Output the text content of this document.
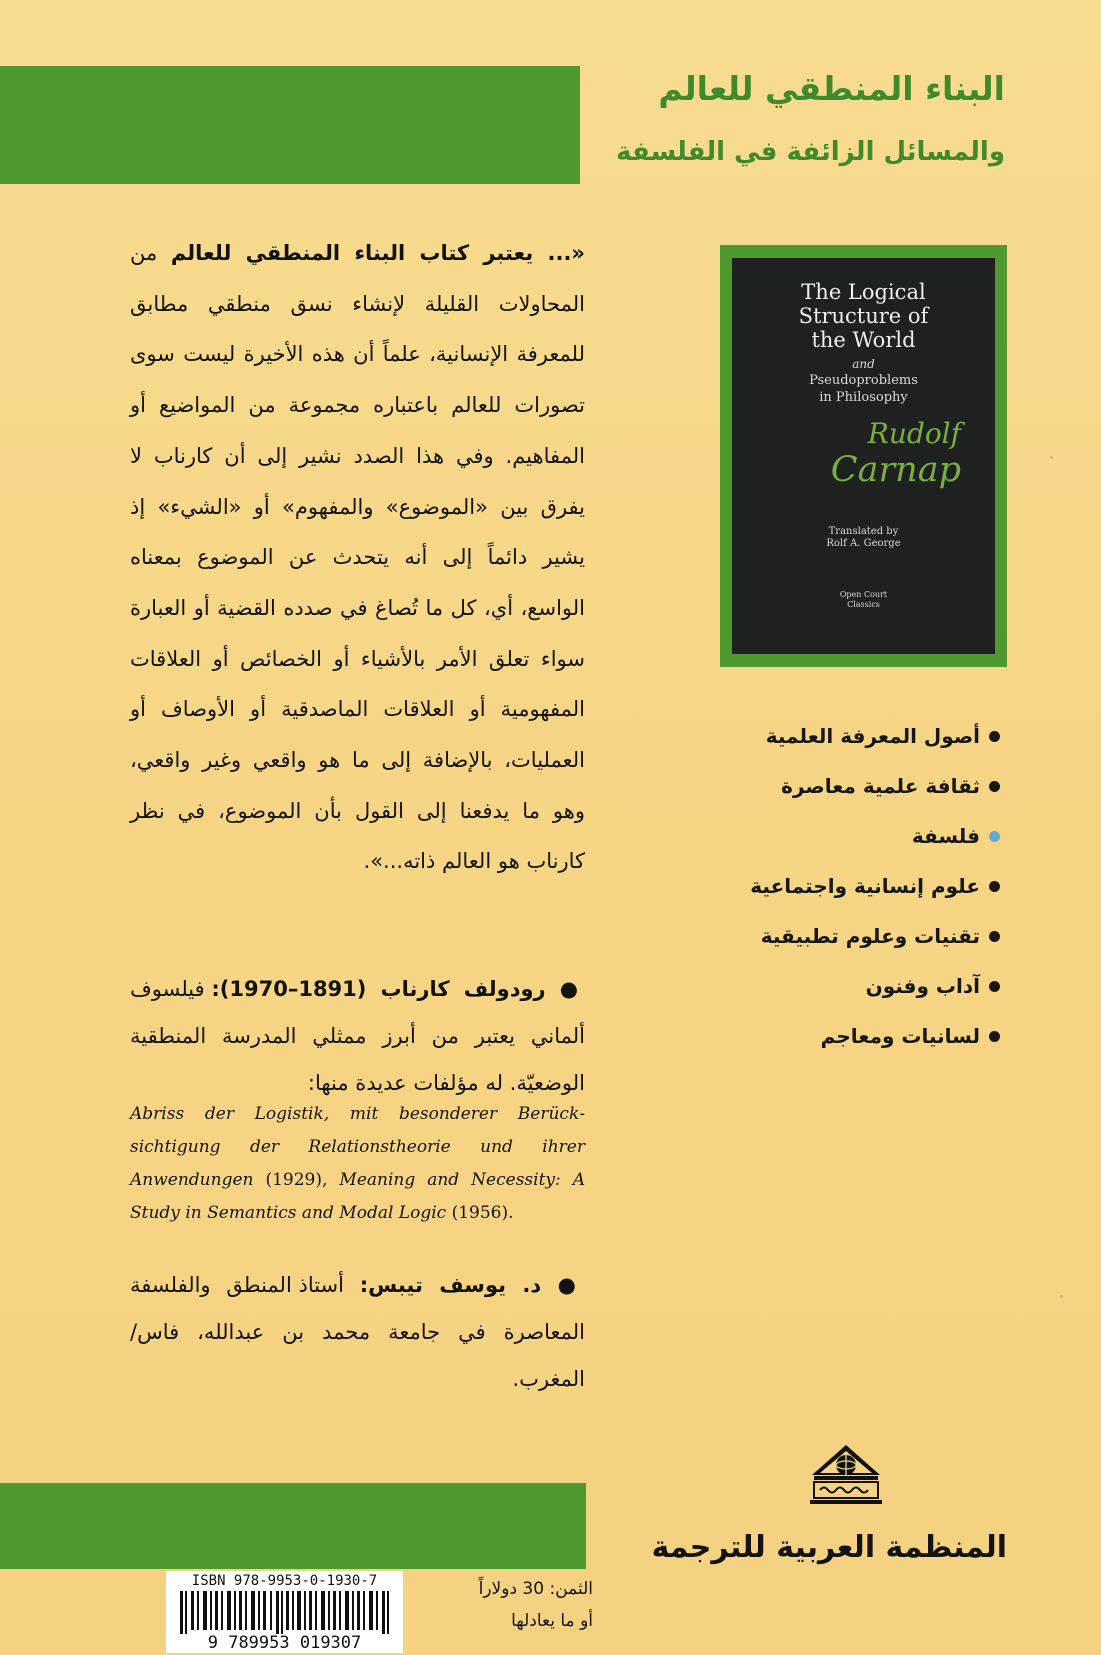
البناء المنطقي للعالم
والمسائل الزائفة في الفلسفة
The Logical
Structure of
the World
and
Pseudoproblems
in Philosophy
Rudolf
Carnap
Translated by
Rolf A. George
Open Court
Classics
أصول المعرفة العلمية
ثقافة علمية معاصرة
فلسفة
علوم إنسانية واجتماعية
تقنيات وعلوم تطبيقية
آداب وفنون
لسانيات ومعاجم
«... يعتبر كتاب البناء المنطقي للعالم من المحاولات القليلة لإنشاء نسق منطقي مطابق للمعرفة الإنسانية، علماً أن هذه الأخيرة ليست سوى تصورات للعالم باعتباره مجموعة من المواضيع أو المفاهيم. وفي هذا الصدد نشير إلى أن كارناب لا يفرق بين «الموضوع» والمفهوم» أو «الشيء» إذ يشير دائماً إلى أنه يتحدث عن الموضوع بمعناه الواسع، أي، كل ما تُصاغ في صدده القضية أو العبارة سواء تعلق الأمر بالأشياء أو الخصائص أو العلاقات المفهومية أو العلاقات الماصدقية أو الأوصاف أو العمليات، بالإضافة إلى ما هو واقعي وغير واقعي، وهو ما يدفعنا إلى القول بأن الموضوع، في نظر كارناب هو العالم ذاته...».
● رودولف كارناب (1891–1970): فيلسوف ألماني يعتبر من أبرز ممثلي المدرسة المنطقية الوضعيّة. له مؤلفات عديدة منها:
Abriss der Logistik, mit besonderer Berücksichtigung der Relationstheorie und ihrer Anwendungen (1929), Meaning and Necessity: A Study in Semantics and Modal Logic (1956).
● د. يوسف تيبس: أستاذ المنطق والفلسفة المعاصرة في جامعة محمد بن عبدالله، فاس/ المغرب.
المنظمة العربية للترجمة
الثمن: 30 دولاراً
أو ما يعادلها
ISBN 978-9953-0-1930-7
9 789953 019307
